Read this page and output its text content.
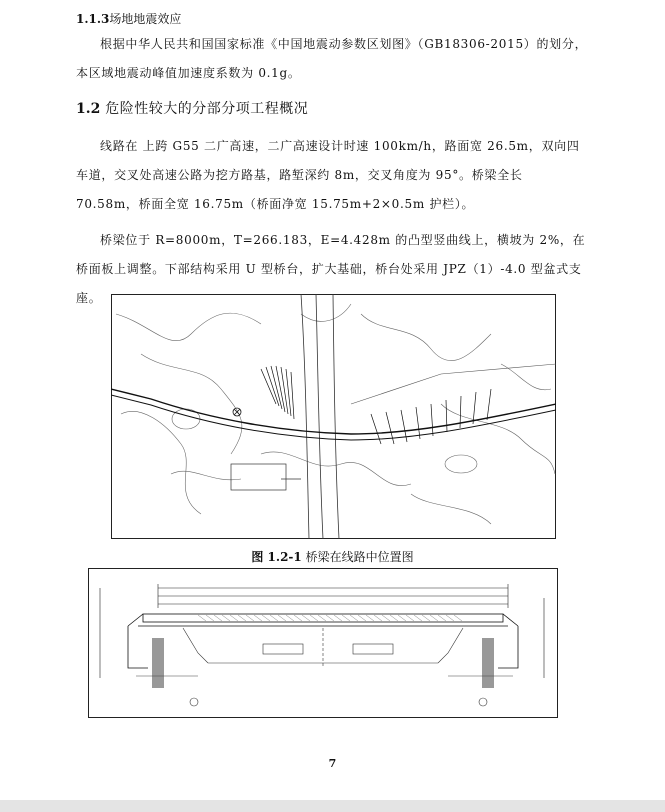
1.1.3场地地震效应

根据中华人民共和国国家标准《中国地震动参数区划图》（GB18306-2015）的划分，本区域地震动峰值加速度系数为 0.1g。

1.2 危险性较大的分部分项工程概况

线路在 上跨 G55 二广高速，二广高速设计时速 100km/h，路面宽 26.5m，双向四车道，交叉处高速公路为挖方路基，路堑深约 8m，交叉角度为 95°。桥梁全长 70.58m，桥面全宽 16.75m（桥面净宽 15.75m+2×0.5m 护栏）。

桥梁位于 R=8000m，T=266.183，E=4.428m 的凸型竖曲线上，横坡为 2%，在桥面板上调整。下部结构采用 U 型桥台，扩大基础，桥台处采用 JPZ（1）-4.0 型盆式支座。

图 1.2-1 桥梁在线路中位置图
7
